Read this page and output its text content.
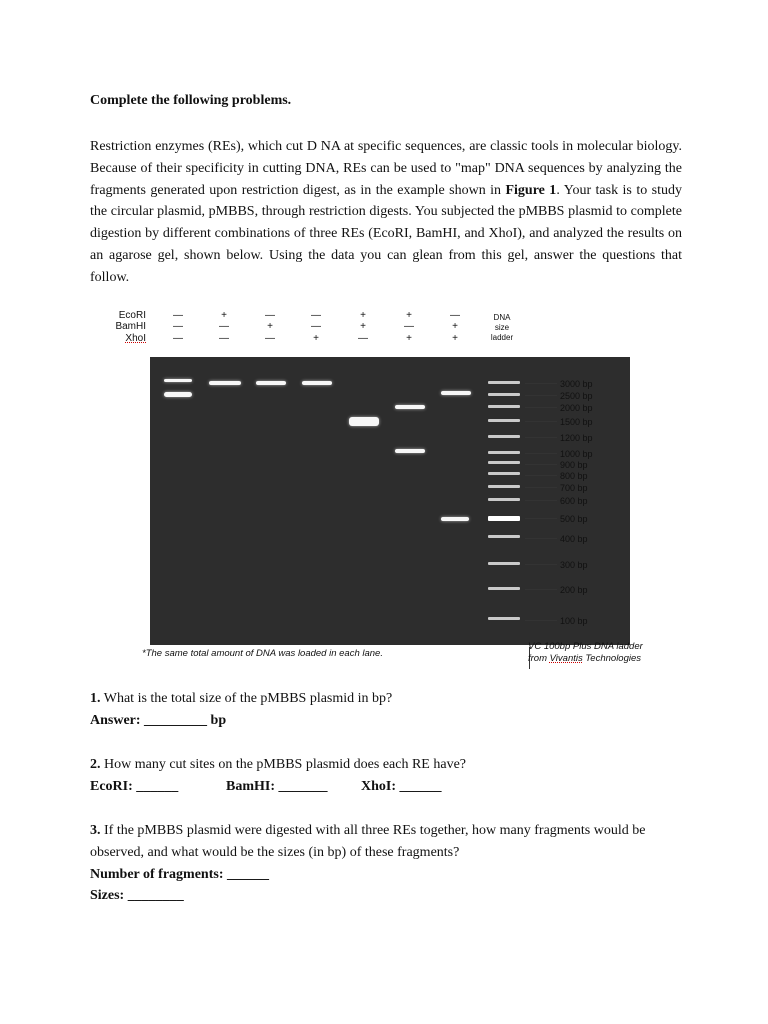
Complete the following problems.
Restriction enzymes (REs), which cut D NA at specific sequences, are classic tools in molecular biology. Because of their specificity in cutting DNA, REs can be used to "map" DNA sequences by analyzing the fragments generated upon restriction digest, as in the example shown in Figure 1. Your task is to study the circular plasmid, pMBBS, through restriction digests. You subjected the pMBBS plasmid to complete digestion by different combinations of three REs (EcoRI, BamHI, and XhoI), and analyzed the results on an agarose gel, shown below. Using the data you can glean from this gel, answer the questions that follow.
EcoRI
BamHI
XhoI
—
—
—
+
—
—
—
+
—
—
—
+
+
+
—
+
—
+
—
+
+
DNA
size
ladder
3000 bp
2500 bp
2000 bp
1500 bp
1200 bp
1000 bp
900 bp
800 bp
700 bp
600 bp
500 bp
400 bp
300 bp
200 bp
100 bp
*The same total amount of DNA was loaded in each lane.
VC 100bp Plus DNA ladder
from Vivantis Technologies
1. What is the total size of the pMBBS plasmid in bp?
Answer: _________ bp
2. How many cut sites on the pMBBS plasmid does each RE have?
EcoRI: ______	BamHI: _______	XhoI: ______
3. If the pMBBS plasmid were digested with all three REs together, how many fragments would be observed, and what would be the sizes (in bp) of these fragments?
Number of fragments: ______
Sizes: ________
